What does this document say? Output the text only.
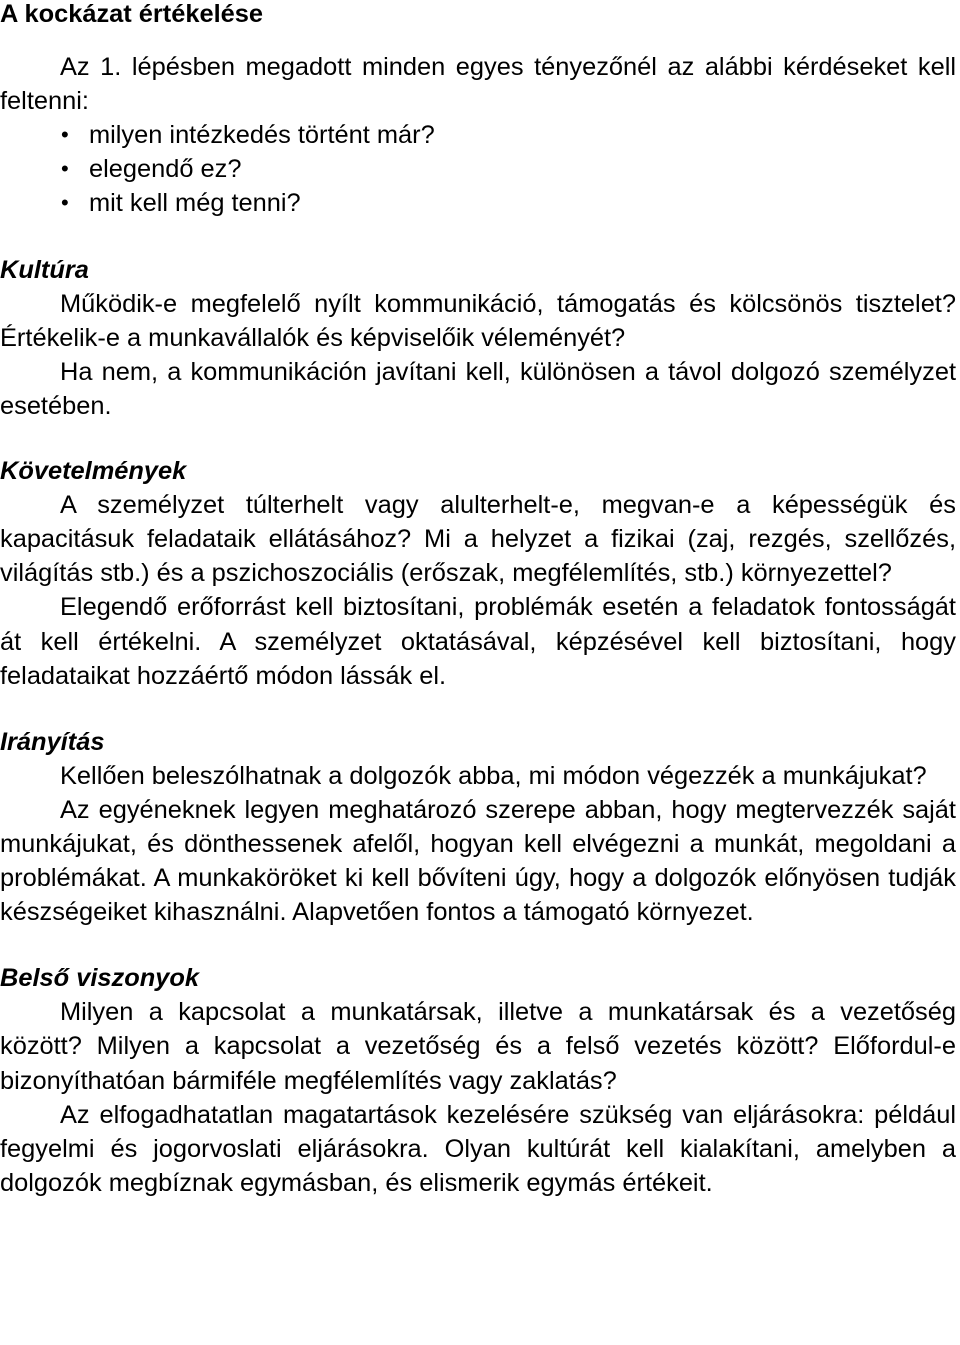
A kockázat értékelése

Az 1. lépésben megadott minden egyes tényezőnél az alábbi kérdéseket kell feltenni:

• milyen intézkedés történt már?
• elegendő ez?
• mit kell még tenni?
Kultúra

Működik-e megfelelő nyílt kommunikáció, támogatás és kölcsönös tisztelet? Értékelik-e a munkavállalók és képviselőik véleményét?

Ha nem, a kommunikáción javítani kell, különösen a távol dolgozó személyzet esetében.

Követelmények

A személyzet túlterhelt vagy alulterhelt-e, megvan-e a képességük és kapacitásuk feladataik ellátásához? Mi a helyzet a fizikai (zaj, rezgés, szellőzés, világítás stb.) és a pszichoszociális (erőszak, megfélemlítés, stb.) környezettel?

Elegendő erőforrást kell biztosítani, problémák esetén a feladatok fontosságát át kell értékelni. A személyzet oktatásával, képzésével kell biztosítani, hogy feladataikat hozzáértő módon lássák el.

Irányítás

Kellően beleszólhatnak a dolgozók abba, mi módon végezzék a munkájukat?

Az egyéneknek legyen meghatározó szerepe abban, hogy megtervezzék saját munkájukat, és dönthessenek afelől, hogyan kell elvégezni a munkát, megoldani a problémákat. A munkaköröket ki kell bővíteni úgy, hogy a dolgozók előnyösen tudják készségeiket kihasználni. Alapvetően fontos a támogató környezet.

Belső viszonyok

Milyen a kapcsolat a munkatársak, illetve a munkatársak és a vezetőség között? Milyen a kapcsolat a vezetőség és a felső vezetés között? Előfordul-e bizonyíthatóan bármiféle megfélemlítés vagy zaklatás?

Az elfogadhatatlan magatartások kezelésére szükség van eljárásokra: például fegyelmi és jogorvoslati eljárásokra. Olyan kultúrát kell kialakítani, amelyben a dolgozók megbíznak egymásban, és elismerik egymás értékeit.
